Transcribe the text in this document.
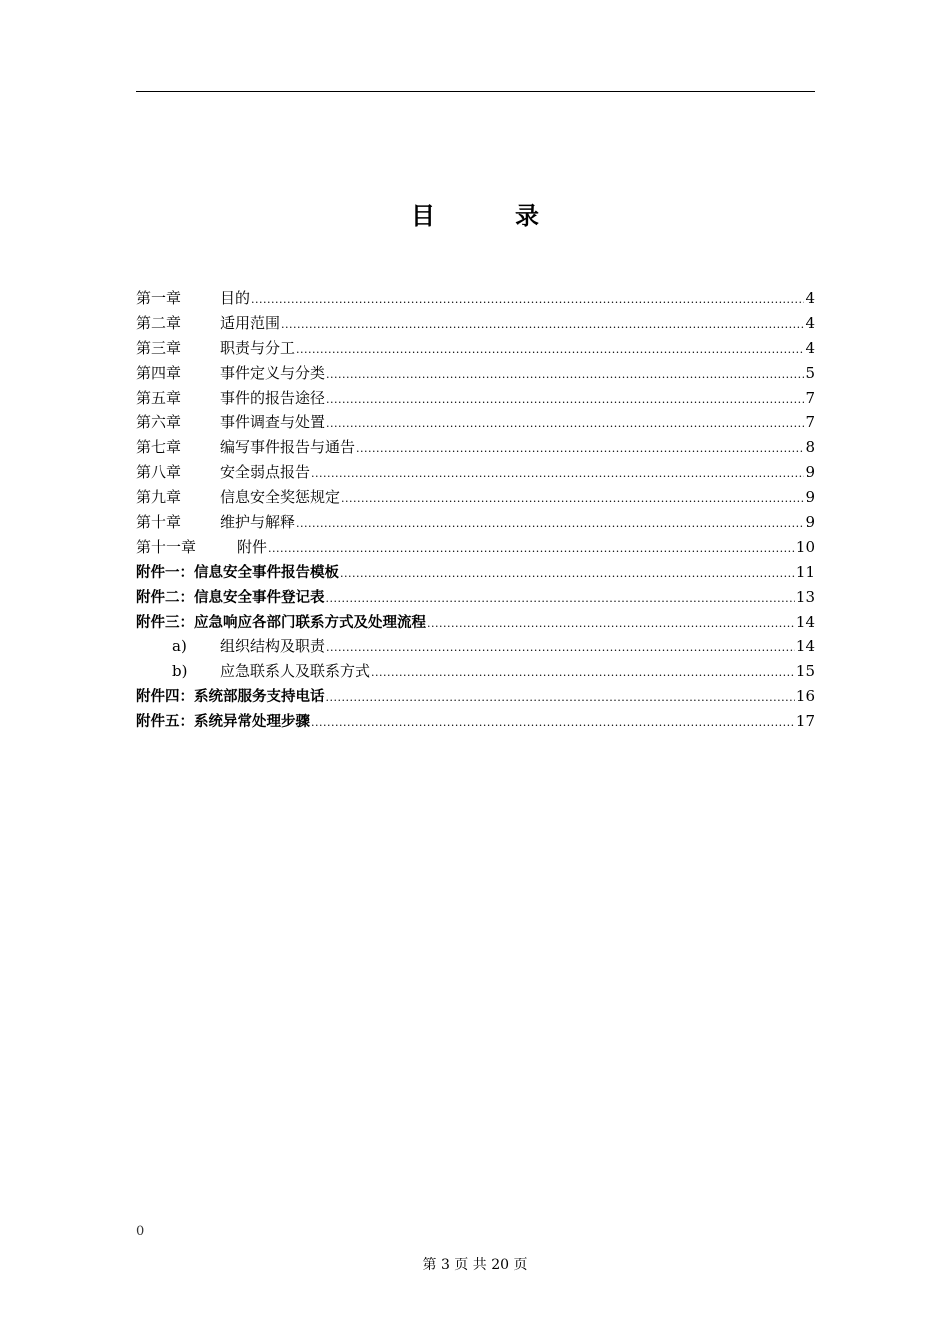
目　录
第一章	目的 .....	4
第二章	适用范围 .....	4
第三章	职责与分工 .....	4
第四章	事件定义与分类 .....	5
第五章	事件的报告途径 .....	7
第六章	事件调查与处置 .....	7
第七章	编写事件报告与通告 .....	8
第八章	安全弱点报告 .....	9
第九章	信息安全奖惩规定 .....	9
第十章	维护与解释 .....	9
第十一章	附件 .....	10
附件一：信息安全事件报告模板 .....	11
附件二：信息安全事件登记表 .....	13
附件三：应急响应各部门联系方式及处理流程 .....	14
a)	组织结构及职责 .....	14
b)	应急联系人及联系方式 .....	15
附件四：系统部服务支持电话 .....	16
附件五：系统异常处理步骤 .....	17
0
第 3 页 共 20 页
